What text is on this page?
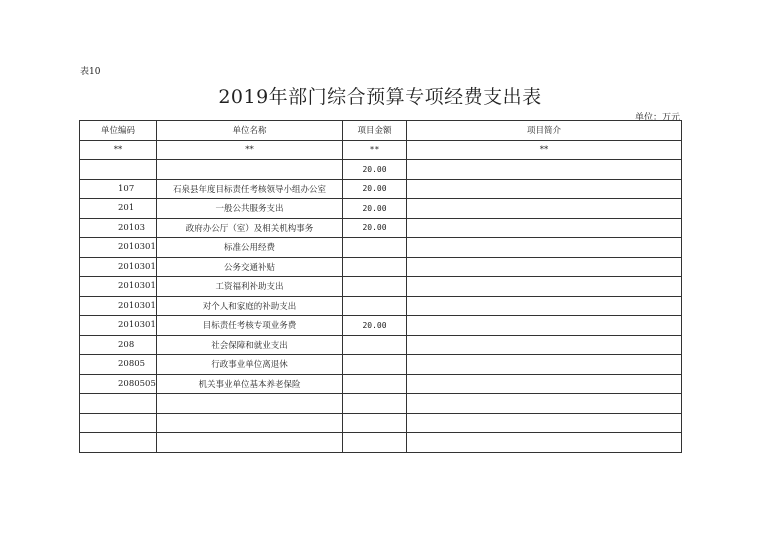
表10
2019年部门综合预算专项经费支出表
单位：万元
单位编码	单位名称	项目金额	项目简介
**	**	**	**
		20.00	
107	石泉县年度目标责任考核领导小组办公室	20.00	
201	一般公共服务支出	20.00	
20103	政府办公厅（室）及相关机构事务	20.00	
2010301	标准公用经费		
2010301	公务交通补贴		
2010301	工资福利补助支出		
2010301	对个人和家庭的补助支出		
2010301	目标责任考核专项业务费	20.00	
208	社会保障和就业支出		
20805	行政事业单位离退休		
2080505	机关事业单位基本养老保险		
